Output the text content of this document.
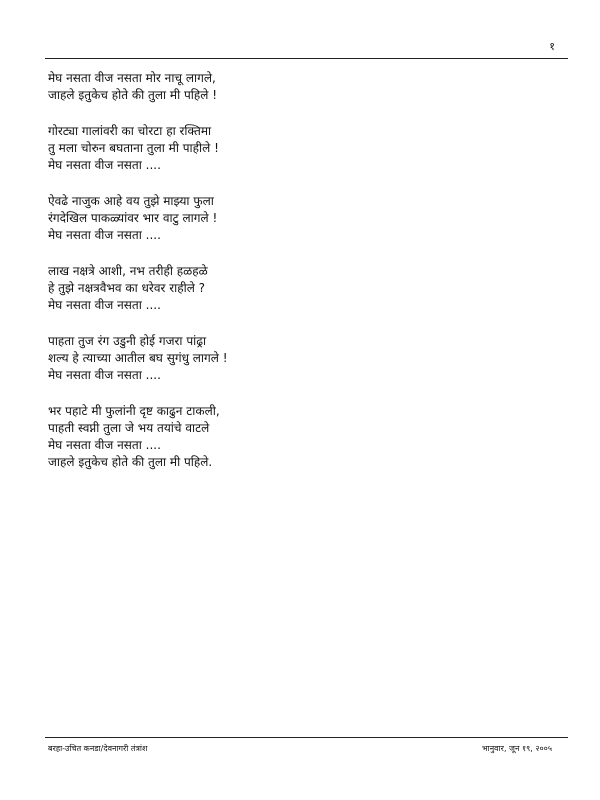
१
मेघ नसता वीज नसता मोर नाचू लागले,
जाहले इतुकेच होते की तुला मी पहिले !
गोरट्या गालांवरी का चोरटा हा रक्तिमा
तु मला चोरुन बघताना तुला मी पाहीले !
मेघ नसता वीज नसता ....
ऐवढे नाजुक आहे वय तुझे माझ्या फुला
रंगदेखिल पाकळ्यांवर भार वाटु लागले !
मेघ नसता वीज नसता ....
लाख नक्षत्रे आशी, नभ तरीही हळहळे
हे तुझे नक्षत्रवैभव का धरेवर राहीले ?
मेघ नसता वीज नसता ....
पाहता तुज रंग उडुनी होई गजरा पांढ्रा
शल्य हे त्याच्या आतील बघ सुगंधु लागले !
मेघ नसता वीज नसता ....
भर पहाटे मी फुलांनी दृष्ट काढुन टाकली,
पाहती स्वप्नी तुला जे भय तयांचे वाटले
मेघ नसता वीज नसता ....
जाहले इतुकेच होते की तुला मी पहिले.
बरहा-उचित कनडा/देवनागरी तंत्रांश	भानुवार, जून १९, २००५
